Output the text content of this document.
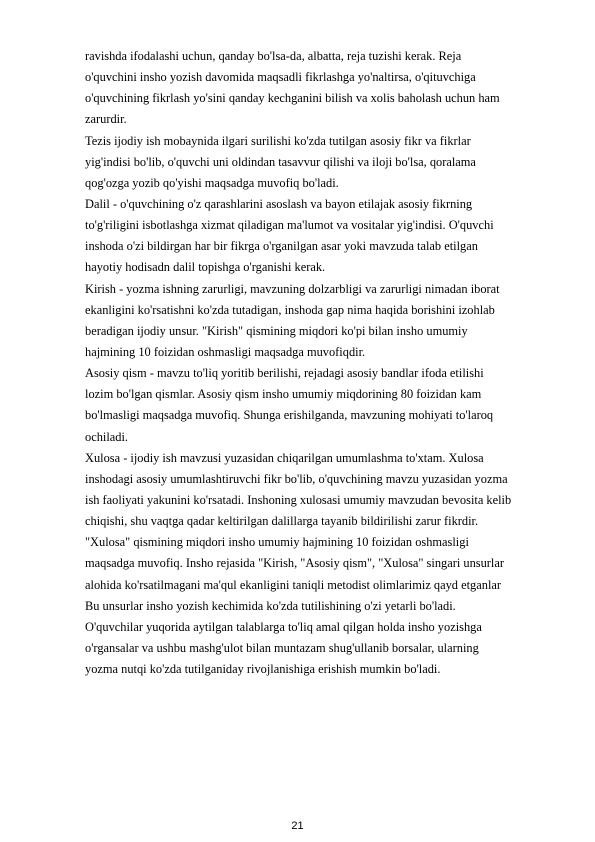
ravishda ifodalashi uchun, qanday bo'lsa-da, albatta, reja tuzishi kerak. Reja
o'quvchini insho yozish davomida maqsadli fikrlashga yo'naltirsa, o'qituvchiga
o'quvchining fikrlash yo'sini qanday kechganini bilish va xolis baholash uchun ham
zarurdir.
Tezis ijodiy ish mobaynida ilgari surilishi ko'zda tutilgan asosiy fikr va fikrlar
yig'indisi bo'lib, o'quvchi uni oldindan tasavvur qilishi va iloji bo'lsa, qoralama
qog'ozga yozib qo'yishi maqsadga muvofiq bo'ladi.
Dalil - o'quvchining o'z qarashlarini asoslash va bayon etilajak asosiy fikrning
to'g'riligini isbotlashga xizmat qiladigan ma'lumot va vositalar yig'indisi. O'quvchi
inshoda o'zi bildirgan har bir fikrga o'rganilgan asar yoki mavzuda talab etilgan
hayotiy hodisadn dalil topishga o'rganishi kerak.
Kirish - yozma ishning zarurligi, mavzuning dolzarbligi va zarurligi nimadan iborat
ekanligini ko'rsatishni ko'zda tutadigan, inshoda gap nima haqida borishini izohlab
beradigan ijodiy unsur. "Kirish" qismining miqdori ko'pi bilan insho umumiy
hajmining 10 foizidan oshmasligi maqsadga muvofiqdir.
Asosiy qism - mavzu to'liq yoritib berilishi, rejadagi asosiy bandlar ifoda etilishi
lozim bo'lgan qismlar. Asosiy qism insho umumiy miqdorining 80 foizidan kam
bo'lmasligi maqsadga muvofiq. Shunga erishilganda, mavzuning mohiyati to'laroq
ochiladi.
Xulosa - ijodiy ish mavzusi yuzasidan chiqarilgan umumlashma to'xtam. Xulosa
inshodagi asosiy umumlashtiruvchi fikr bo'lib, o'quvchining mavzu yuzasidan yozma
ish faoliyati yakunini ko'rsatadi. Inshoning xulosasi umumiy mavzudan bevosita kelib
chiqishi, shu vaqtga qadar keltirilgan dalillarga tayanib bildirilishi zarur fikrdir.
"Xulosa" qismining miqdori insho umumiy hajmining 10 foizidan oshmasligi
maqsadga muvofiq. Insho rejasida "Kirish, "Asosiy qism", "Xulosa" singari unsurlar
alohida ko'rsatilmagani ma'qul ekanligini taniqli metodist olimlarimiz qayd etganlar
Bu unsurlar insho yozish kechimida ko'zda tutilishining o'zi yetarli bo'ladi.
O'quvchilar yuqorida aytilgan talablarga to'liq amal qilgan holda insho yozishga
o'rgansalar va ushbu mashg'ulot bilan muntazam shug'ullanib borsalar, ularning
yozma nutqi ko'zda tutilganiday rivojlanishiga erishish mumkin bo'ladi.
21
